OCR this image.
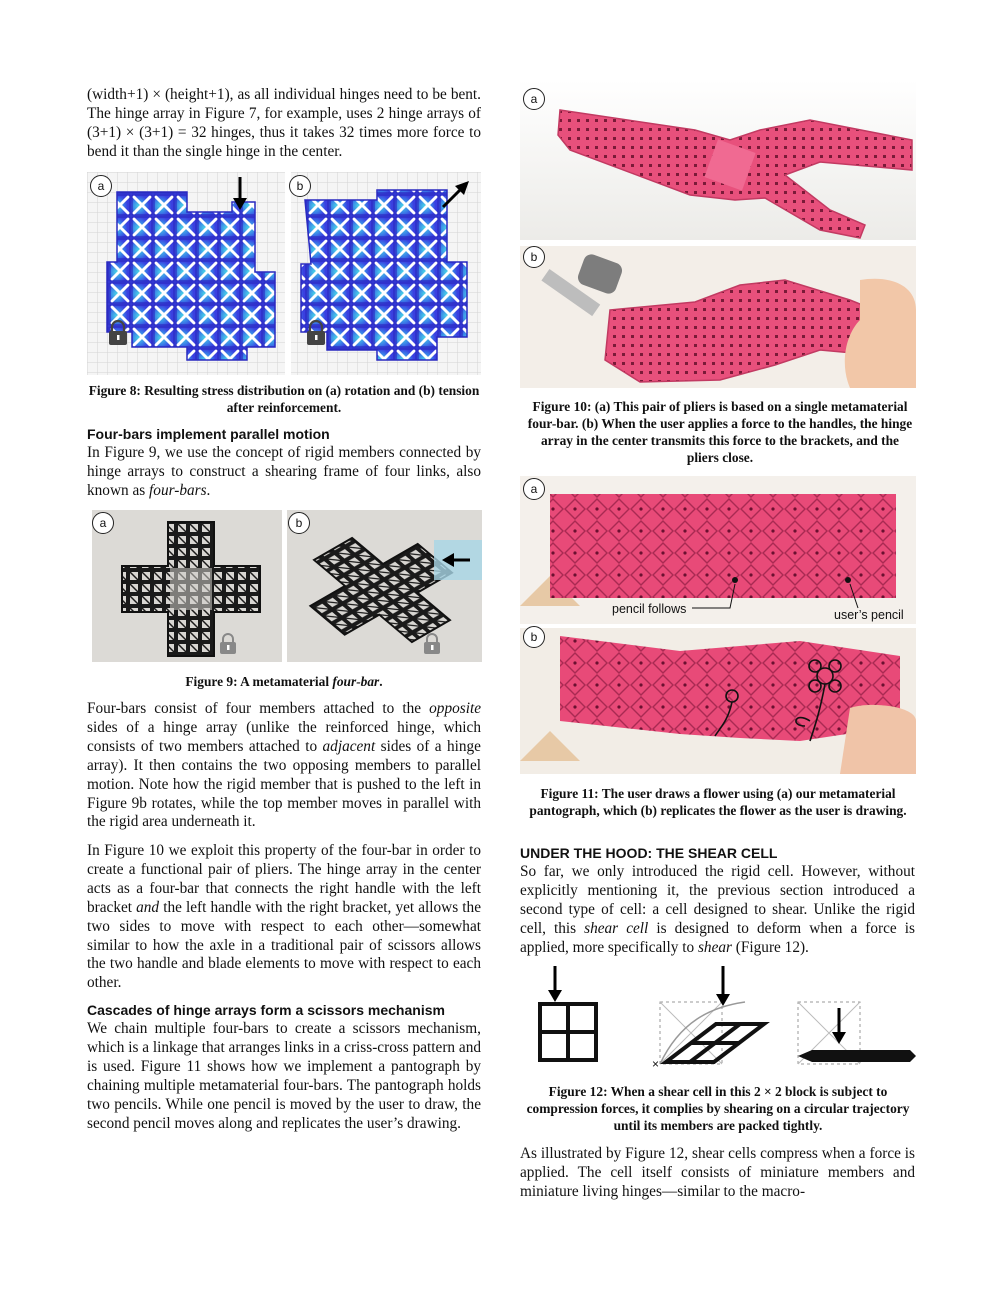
(width+1) × (height+1), as all individual hinges need to be bent. The hinge array in Figure 7, for example, uses 2 hinge arrays of (3+1) × (3+1) = 32 hinges, thus it takes 32 times more force to bend it than the single hinge in the center.

a	b

Figure 8: Resulting stress distribution on (a) rotation and (b) tension after reinforcement.

Four-bars implement parallel motion

In Figure 9, we use the concept of rigid members connected by hinge arrays to construct a shearing frame of four links, also known as four-bars.

a	b

Figure 9: A metamaterial four-bar.

Four-bars consist of four members attached to the opposite sides of a hinge array (unlike the reinforced hinge, which consists of two members attached to adjacent sides of a hinge array). It then contains the two opposing members to parallel motion. Note how the rigid member that is pushed to the left in Figure 9b rotates, while the top member moves in parallel with the rigid area underneath it.

In Figure 10 we exploit this property of the four-bar in order to create a functional pair of pliers. The hinge array in the center acts as a four-bar that connects the right handle with the left bracket and the left handle with the right bracket, yet allows the two sides to move with respect to each other—somewhat similar to how the axle in a traditional pair of scissors allows the two handle and blade elements to move with respect to each other.

Cascades of hinge arrays form a scissors mechanism

We chain multiple four-bars to create a scissors mechanism, which is a linkage that arranges links in a criss-cross pattern and is used. Figure 11 shows how we implement a pantograph by chaining multiple metamaterial four-bars. The pantograph holds two pencils. While one pencil is moved by the user to draw, the second pencil moves along and replicates the user’s drawing.

a
b

Figure 10: (a) This pair of pliers is based on a single metamaterial four-bar. (b) When the user applies a force to the handles, the hinge array in the center transmits this force to the brackets, and the pliers close.

a
b
pencil follows	user’s pencil

Figure 11: The user draws a flower using (a) our metamaterial pantograph, which (b) replicates the flower as the user is drawing.

UNDER THE HOOD: THE SHEAR CELL

So far, we only introduced the rigid cell. However, without explicitly mentioning it, the previous section introduced a second type of cell: a cell designed to shear. Unlike the rigid cell, this shear cell is designed to deform when a force is applied, more specifically to shear (Figure 12).

×

Figure 12: When a shear cell in this 2 × 2 block is subject to compression forces, it complies by shearing on a circular trajectory until its members are packed tightly.

As illustrated by Figure 12, shear cells compress when a force is applied. The cell itself consists of miniature members and miniature living hinges—similar to the macro-
